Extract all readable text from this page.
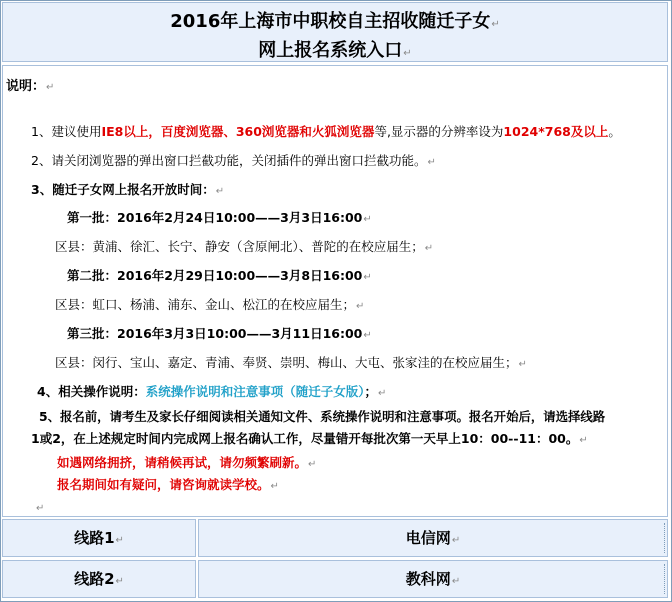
2016年上海市中职校自主招收随迁子女↵
网上报名系统入口↵
说明：↵
1、建议使用IE8以上，百度浏览器、360浏览器和火狐浏览器等,显示器的分辨率设为1024*768及以上。
2、请关闭浏览器的弹出窗口拦截功能，关闭插件的弹出窗口拦截功能。↵
3、随迁子女网上报名开放时间：↵
第一批：2016年2月24日10:00——3月3日16:00↵
区县：黄浦、徐汇、长宁、静安（含原闸北）、普陀的在校应届生；↵
第二批：2016年2月29日10:00——3月8日16:00↵
区县：虹口、杨浦、浦东、金山、松江的在校应届生；↵
第三批：2016年3月3日10:00——3月11日16:00↵
区县：闵行、宝山、嘉定、青浦、奉贤、崇明、梅山、大屯、张家洼的在校应届生；↵
4、相关操作说明：系统操作说明和注意事项（随迁子女版）；↵
5、报名前，请考生及家长仔细阅读相关通知文件、系统操作说明和注意事项。报名开始后，请选择线路
1或2，在上述规定时间内完成网上报名确认工作，尽量错开每批次第一天早上10：00--11：00。↵
如遇网络拥挤，请稍候再试，请勿频繁刷新。↵
报名期间如有疑问，请咨询就读学校。↵
↵
线路1↵	电信网↵
线路2↵	教科网↵
